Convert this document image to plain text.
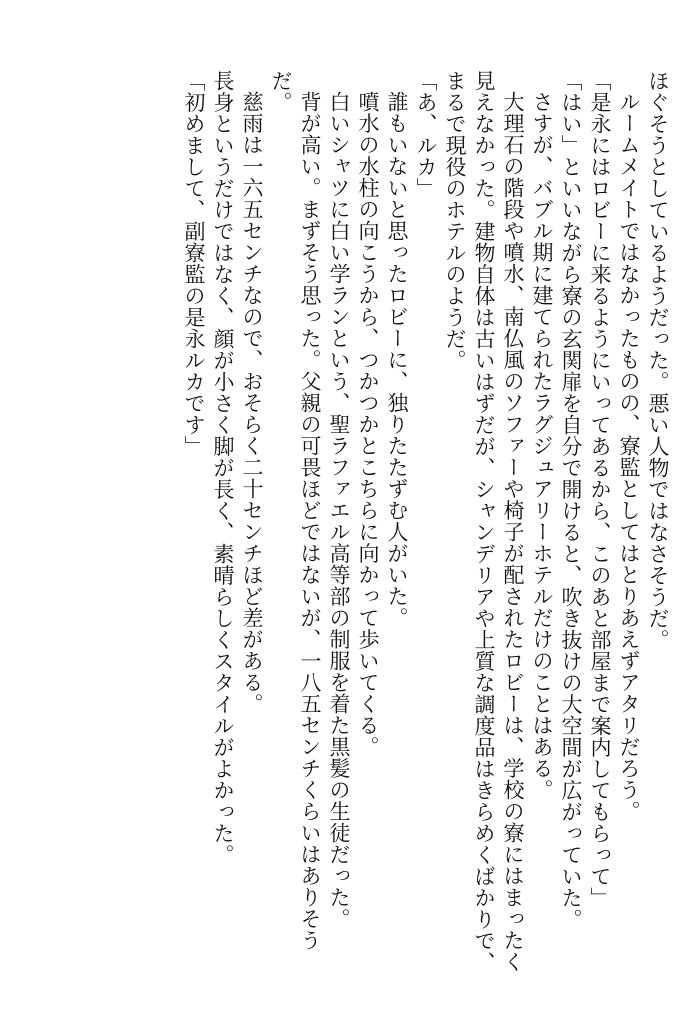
ほぐそうとしているようだった。悪い人物ではなさそうだ。
ルームメイトではなかったものの、寮監としてはとりあえずアタリだろう。
「是永にはロビーに来るようにいってあるから、このあと部屋まで案内してもらって」
「はい」といいながら寮の玄関扉を自分で開けると、吹き抜けの大空間が広がっていた。
さすが、バブル期に建てられたラグジュアリーホテルだけのことはある。
大理石の階段や噴水、南仏風のソファーや椅子が配されたロビーは、学校の寮にはまったく
見えなかった。建物自体は古いはずだが、シャンデリアや上質な調度品はきらめくばかりで、
まるで現役のホテルのようだ。
「あ、ルカ」
誰もいないと思ったロビーに、独りたたずむ人がいた。
噴水の水柱の向こうから、つかつかとこちらに向かって歩いてくる。
白いシャツに白い学ランという、聖ラファエル高等部の制服を着た黒髪の生徒だった。
背が高い。まずそう思った。父親の可畏ほどではないが、一八五センチくらいはありそう
だ。
慈雨は一六五センチなので、おそらく二十センチほど差がある。
長身というだけではなく、顔が小さく脚が長く、素晴らしくスタイルがよかった。
「初めまして、副寮監の是永ルカです」
